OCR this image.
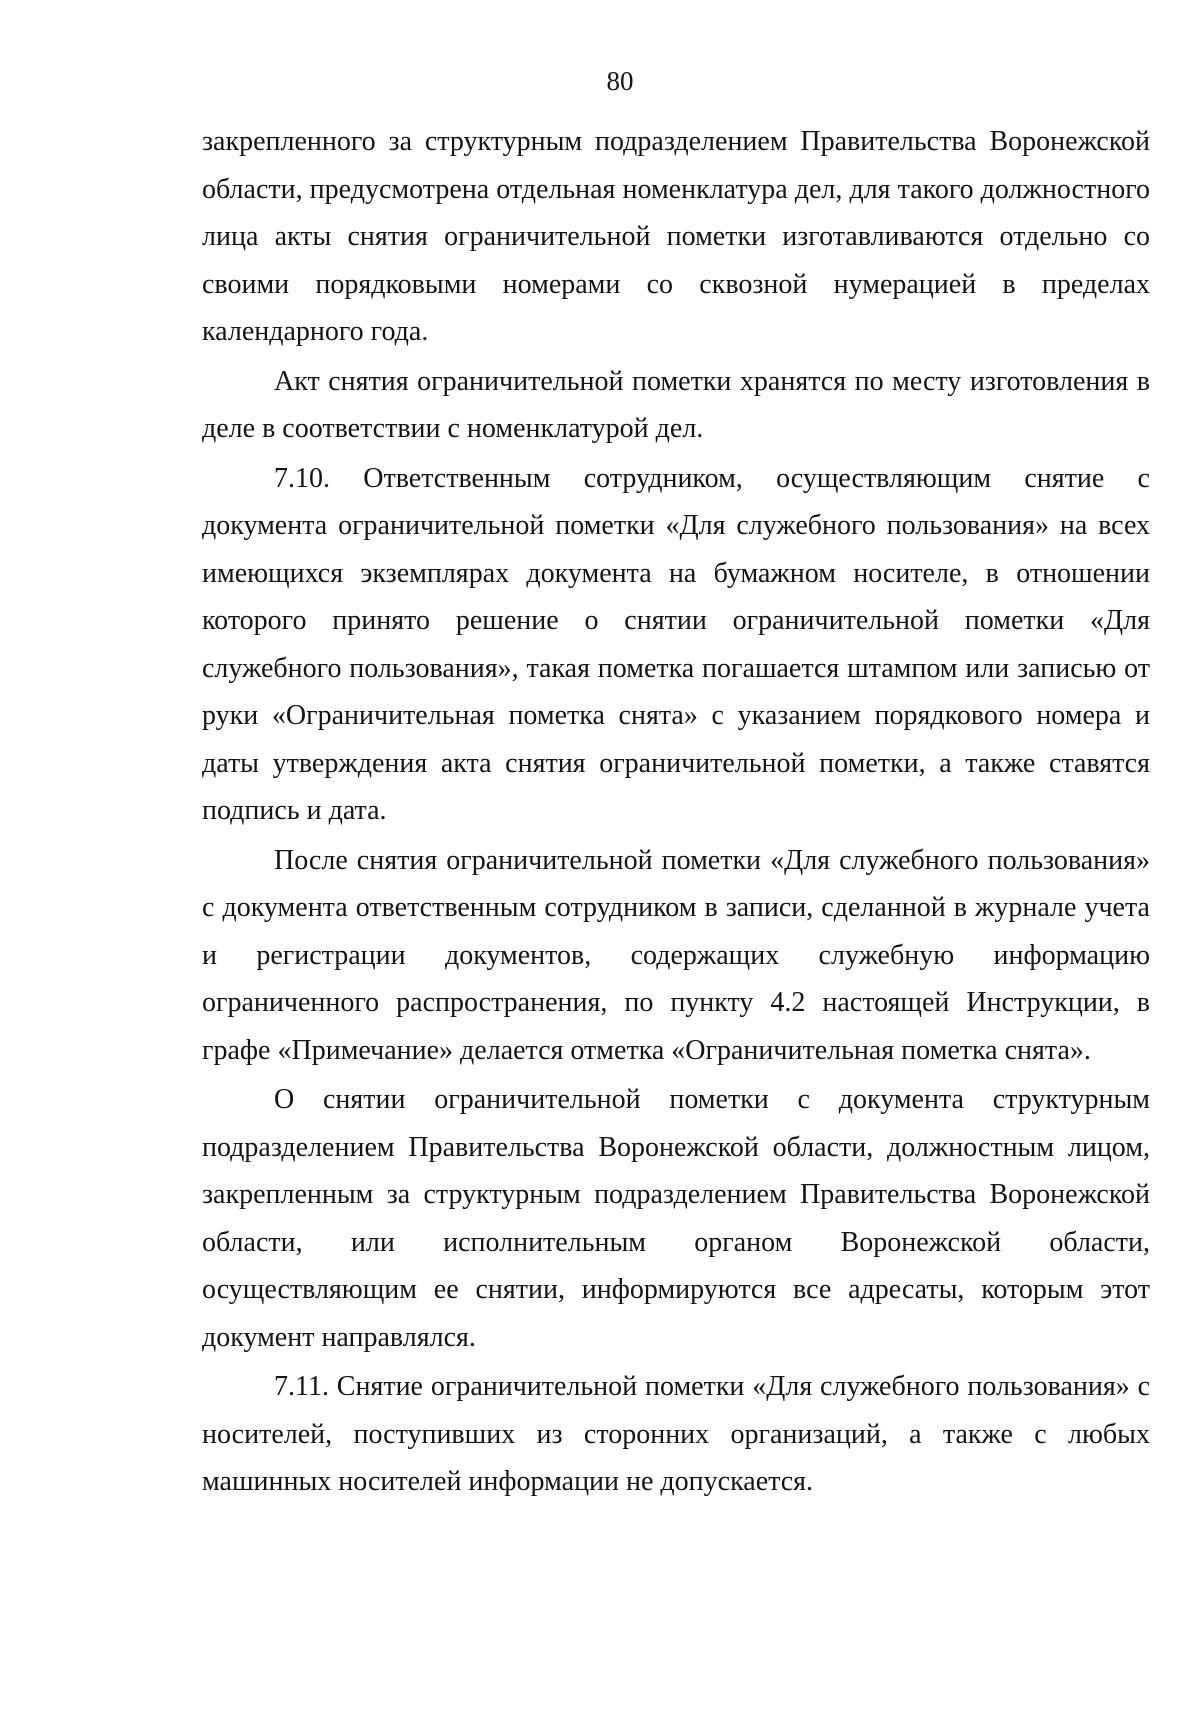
80

закрепленного за структурным подразделением Правительства Воронежской области, предусмотрена отдельная номенклатура дел, для такого должностного лица акты снятия ограничительной пометки изготавливаются отдельно со своими порядковыми номерами со сквозной нумерацией в пределах календарного года.

Акт снятия ограничительной пометки хранятся по месту изготовления в деле в соответствии с номенклатурой дел.

7.10. Ответственным сотрудником, осуществляющим снятие с документа ограничительной пометки «Для служебного пользования» на всех имеющихся экземплярах документа на бумажном носителе, в отношении которого принято решение о снятии ограничительной пометки «Для служебного пользования», такая пометка погашается штампом или записью от руки «Ограничительная пометка снята» с указанием порядкового номера и даты утверждения акта снятия ограничительной пометки, а также ставятся подпись и дата.

После снятия ограничительной пометки «Для служебного пользования» с документа ответственным сотрудником в записи, сделанной в журнале учета и регистрации документов, содержащих служебную информацию ограниченного распространения, по пункту 4.2 настоящей Инструкции, в графе «Примечание» делается отметка «Ограничительная пометка снята».

О снятии ограничительной пометки с документа структурным подразделением Правительства Воронежской области, должностным лицом, закрепленным за структурным подразделением Правительства Воронежской области, или исполнительным органом Воронежской области, осуществляющим ее снятии, информируются все адресаты, которым этот документ направлялся.

7.11. Снятие ограничительной пометки «Для служебного пользования» с носителей, поступивших из сторонних организаций, а также с любых машинных носителей информации не допускается.
